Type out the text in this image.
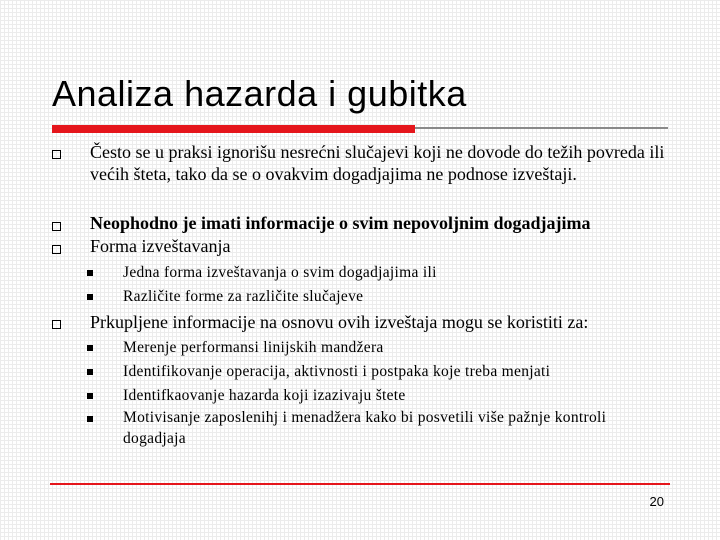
Analiza hazarda i gubitka
Često se u praksi ignorišu nesrećni slučajevi koji ne dovode do težih povreda ili većih šteta, tako da se o ovakvim dogadjajima ne podnose izveštaji.
Neophodno je imati informacije o svim nepovoljnim dogadjajima
Forma izveštavanja
Jedna forma izveštavanja o svim dogadjajima ili
Različite forme za različite slučajeve
Prkupljene informacije na osnovu ovih izveštaja mogu se koristiti za:
Merenje performansi linijskih mandžera
Identifikovanje operacija, aktivnosti i postpaka koje treba menjati
Identifkaovanje hazarda koji izazivaju štete
Motivisanje zaposlenihj i menadžera kako bi posvetili više pažnje kontroli dogadjaja
20
